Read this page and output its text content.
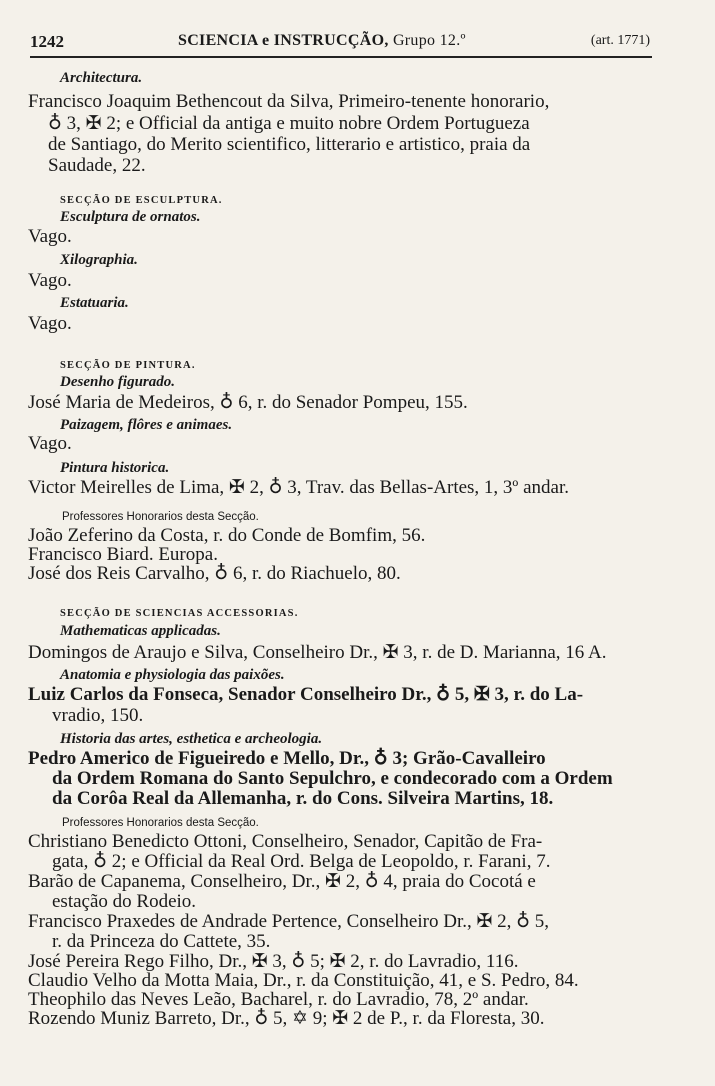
1242	SCIENCIA e INSTRUCÇÃO, Grupo 12.º	(art. 1771)
Architectura.
Francisco Joaquim Bethencout da Silva, Primeiro-tenente honorario,
♁ 3, ✠ 2; e Official da antiga e muito nobre Ordem Portugueza
de Santiago, do Merito scientifico, litterario e artistico, praia da
Saudade, 22.
SECÇÃO DE ESCULPTURA.
Esculptura de ornatos.
Vago.
Xilographia.
Vago.
Estatuaria.
Vago.
SECÇÃO DE PINTURA.
Desenho figurado.
José Maria de Medeiros, ♁ 6, r. do Senador Pompeu, 155.
Paizagem, flôres e animaes.
Vago.
Pintura historica.
Victor Meirelles de Lima, ✠ 2, ♁ 3, Trav. das Bellas-Artes, 1, 3º andar.
Professores Honorarios desta Secção.
João Zeferino da Costa, r. do Conde de Bomfim, 56.
Francisco Biard. Europa.
José dos Reis Carvalho, ♁ 6, r. do Riachuelo, 80.
SECÇÃO DE SCIENCIAS ACCESSORIAS.
Mathematicas applicadas.
Domingos de Araujo e Silva, Conselheiro Dr., ✠ 3, r. de D. Marianna, 16 A.
Anatomia e physiologia das paixões.
Luiz Carlos da Fonseca, Senador Conselheiro Dr., ♁ 5, ✠ 3, r. do La-
vradio, 150.
Historia das artes, esthetica e archeologia.
Pedro Americo de Figueiredo e Mello, Dr., ♁ 3; Grão-Cavalleiro
da Ordem Romana do Santo Sepulchro, e condecorado com a Ordem
da Corôa Real da Allemanha, r. do Cons. Silveira Martins, 18.
Professores Honorarios desta Secção.
Christiano Benedicto Ottoni, Conselheiro, Senador, Capitão de Fra-
gata, ♁ 2; e Official da Real Ord. Belga de Leopoldo, r. Farani, 7.
Barão de Capanema, Conselheiro, Dr., ✠ 2, ♁ 4, praia do Cocotá e
estação do Rodeio.
Francisco Praxedes de Andrade Pertence, Conselheiro Dr., ✠ 2, ♁ 5,
r. da Princeza do Cattete, 35.
José Pereira Rego Filho, Dr., ✠ 3, ♁ 5; ✠ 2, r. do Lavradio, 116.
Claudio Velho da Motta Maia, Dr., r. da Constituição, 41, e S. Pedro, 84.
Theophilo das Neves Leão, Bacharel, r. do Lavradio, 78, 2º andar.
Rozendo Muniz Barreto, Dr., ♁ 5, ✡ 9; ✠ 2 de P., r. da Floresta, 30.
